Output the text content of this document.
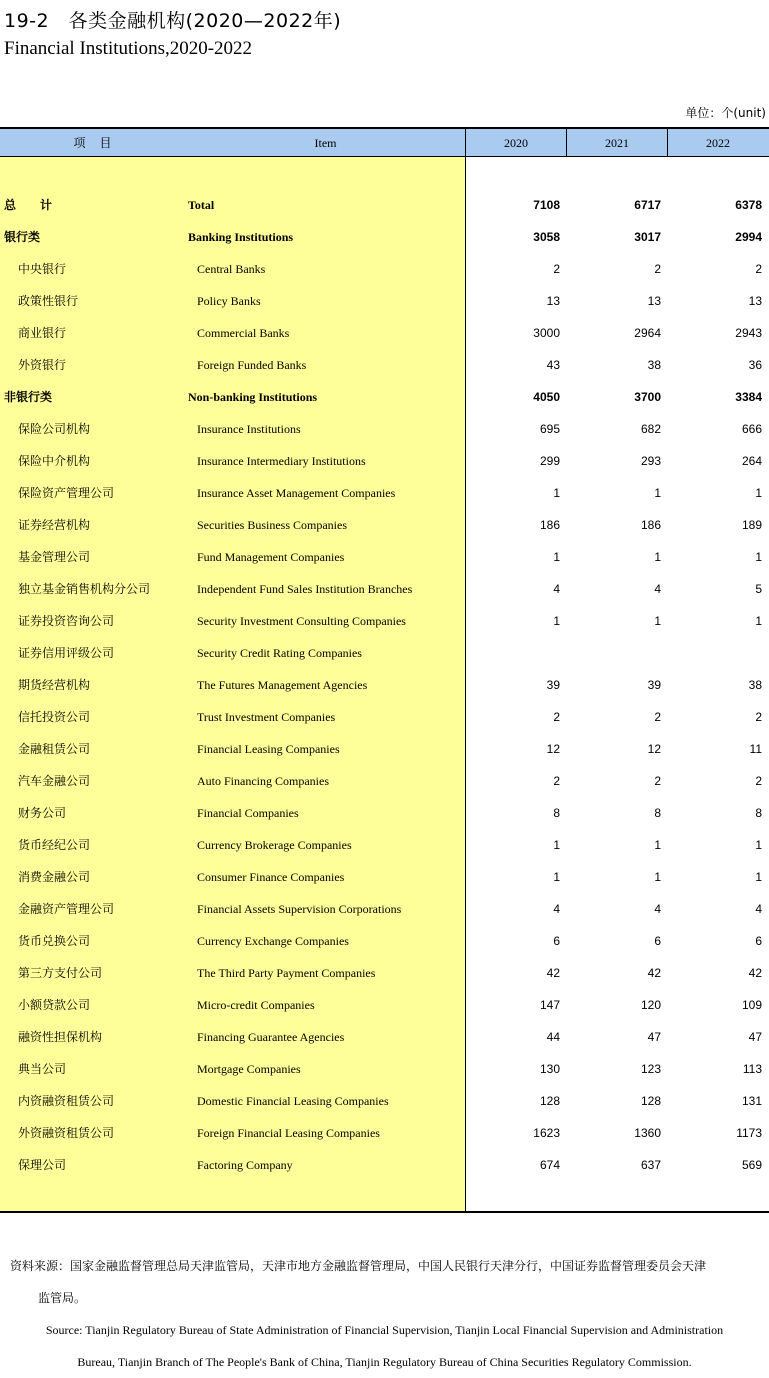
19-2　各类金融机构(2020—2022年)
Financial Institutions,2020-2022
单位：个(unit)
项　目	Item	2020	2021	2022
总　　计	Total	7108	6717	6378
银行类	Banking Institutions	3058	3017	2994
中央银行	Central Banks	2	2	2
政策性银行	Policy Banks	13	13	13
商业银行	Commercial Banks	3000	2964	2943
外资银行	Foreign Funded Banks	43	38	36
非银行类	Non-banking Institutions	4050	3700	3384
保险公司机构	Insurance Institutions	695	682	666
保险中介机构	Insurance Intermediary Institutions	299	293	264
保险资产管理公司	Insurance Asset Management Companies	1	1	1
证券经营机构	Securities Business Companies	186	186	189
基金管理公司	Fund Management Companies	1	1	1
独立基金销售机构分公司	Independent Fund Sales Institution Branches	4	4	5
证券投资咨询公司	Security Investment Consulting Companies	1	1	1
证券信用评级公司	Security Credit Rating Companies
期货经营机构	The Futures Management Agencies	39	39	38
信托投资公司	Trust Investment Companies	2	2	2
金融租赁公司	Financial Leasing Companies	12	12	11
汽车金融公司	Auto Financing Companies	2	2	2
财务公司	Financial Companies	8	8	8
货币经纪公司	Currency Brokerage Companies	1	1	1
消费金融公司	Consumer Finance Companies	1	1	1
金融资产管理公司	Financial Assets Supervision Corporations	4	4	4
货币兑换公司	Currency Exchange Companies	6	6	6
第三方支付公司	The Third Party Payment Companies	42	42	42
小额贷款公司	Micro-credit Companies	147	120	109
融资性担保机构	Financing Guarantee Agencies	44	47	47
典当公司	Mortgage Companies	130	123	113
内资融资租赁公司	Domestic Financial Leasing Companies	128	128	131
外资融资租赁公司	Foreign Financial Leasing Companies	1623	1360	1173
保理公司	Factoring Company	674	637	569
资料来源：国家金融监督管理总局天津监管局，天津市地方金融监督管理局，中国人民银行天津分行，中国证券监督管理委员会天津
监管局。
Source: Tianjin Regulatory Bureau of State Administration of Financial Supervision, Tianjin Local Financial Supervision and Administration
Bureau, Tianjin Branch of The People's Bank of China, Tianjin Regulatory Bureau of China Securities Regulatory Commission.
